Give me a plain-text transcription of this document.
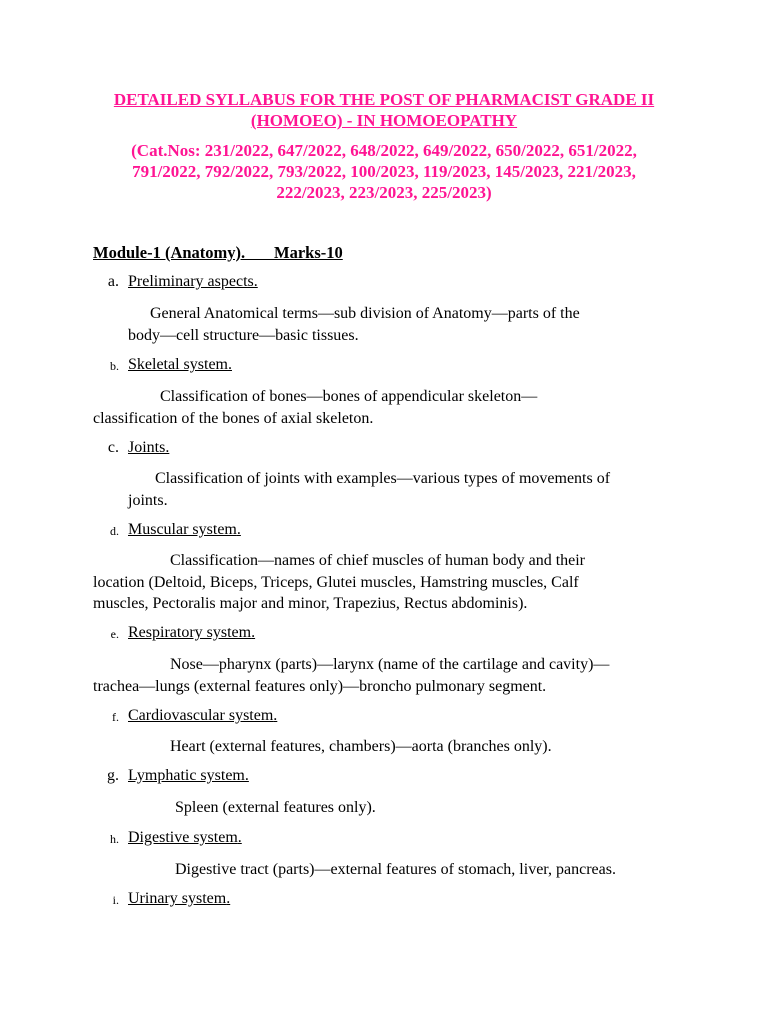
DETAILED SYLLABUS FOR THE POST OF PHARMACIST GRADE II
(HOMOEO) - IN HOMOEOPATHY
(Cat.Nos: 231/2022, 647/2022, 648/2022, 649/2022, 650/2022, 651/2022,
791/2022, 792/2022, 793/2022, 100/2023, 119/2023, 145/2023, 221/2023,
222/2023, 223/2023, 225/2023)
Module-1 (Anatomy).       Marks-10
a. Preliminary aspects.
General Anatomical terms—sub division of Anatomy—parts of the
body—cell structure—basic tissues.
b. Skeletal system.
Classification of bones—bones of appendicular skeleton—
classification of the bones of axial skeleton.
c. Joints.
Classification of joints with examples—various types of movements of
joints.
d. Muscular system.
Classification—names of chief muscles of human body and their
location (Deltoid, Biceps, Triceps, Glutei muscles, Hamstring muscles, Calf
muscles, Pectoralis major and minor, Trapezius, Rectus abdominis).
e. Respiratory system.
Nose—pharynx (parts)—larynx (name of the cartilage and cavity)—
trachea—lungs (external features only)—broncho pulmonary segment.
f. Cardiovascular system.
Heart (external features, chambers)—aorta (branches only).
g. Lymphatic system.
Spleen (external features only).
h. Digestive system.
Digestive tract (parts)—external features of stomach, liver, pancreas.
i. Urinary system.
